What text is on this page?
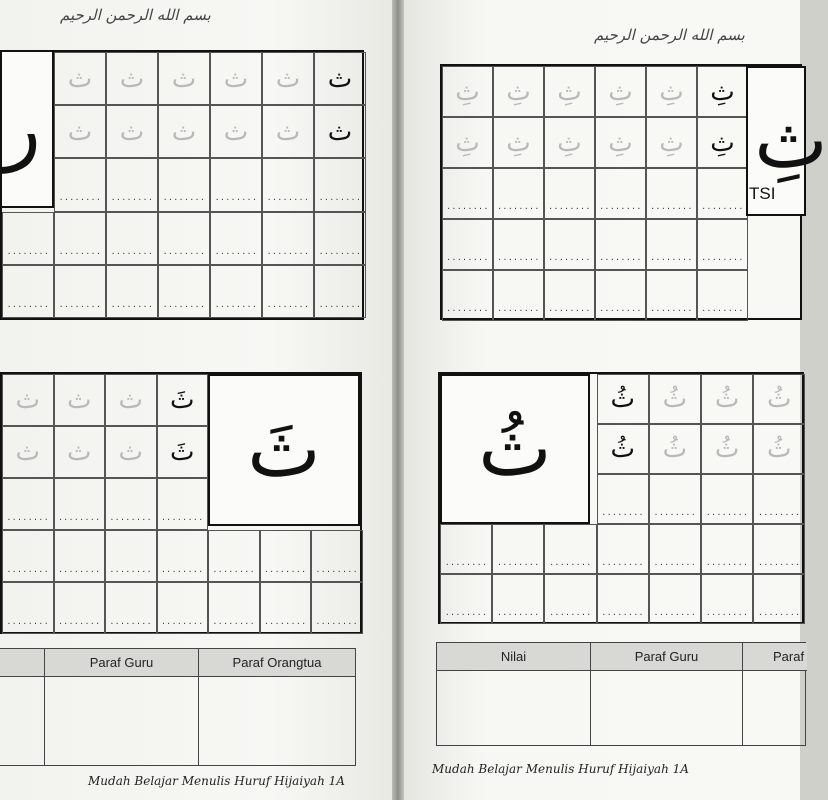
بسم الله الرحمن الرحيم
ر
ث ث ث ث ث ث
ث ث ث ث ث ث
........ ........ ........ ........ ........ ........
........ ........ ........ ........ ........ ........ ........
........ ........ ........ ........ ........ ........ ........
ث ث ث ثَ
ث ث ث ثَ
........ ........ ........ ........
........ ........ ........ ........ ........ ........ ........
........ ........ ........ ........ ........ ........ ........
ثَ
Paraf Guru	Paraf Orangtua
Mudah Belajar Menulis Huruf Hijaiyah 1A
بسم الله الرحمن الرحيم
ثِ ثِ ثِ ثِ ثِ ثِ
ثِ ثِ ثِ ثِ ثِ ثِ
........ ........ ........ ........ ........ ........
........ ........ ........ ........ ........ ........
........ ........ ........ ........ ........ ........
ثِ
TSI
ثُ ثُ ثُ ثُ
ثُ ثُ ثُ ثُ
........ ........ ........ ........
........ ........ ........ ........ ........ ........ ........
........ ........ ........ ........ ........ ........ ........
ثُ
Nilai	Paraf Guru	Paraf
Mudah Belajar Menulis Huruf Hijaiyah 1A
